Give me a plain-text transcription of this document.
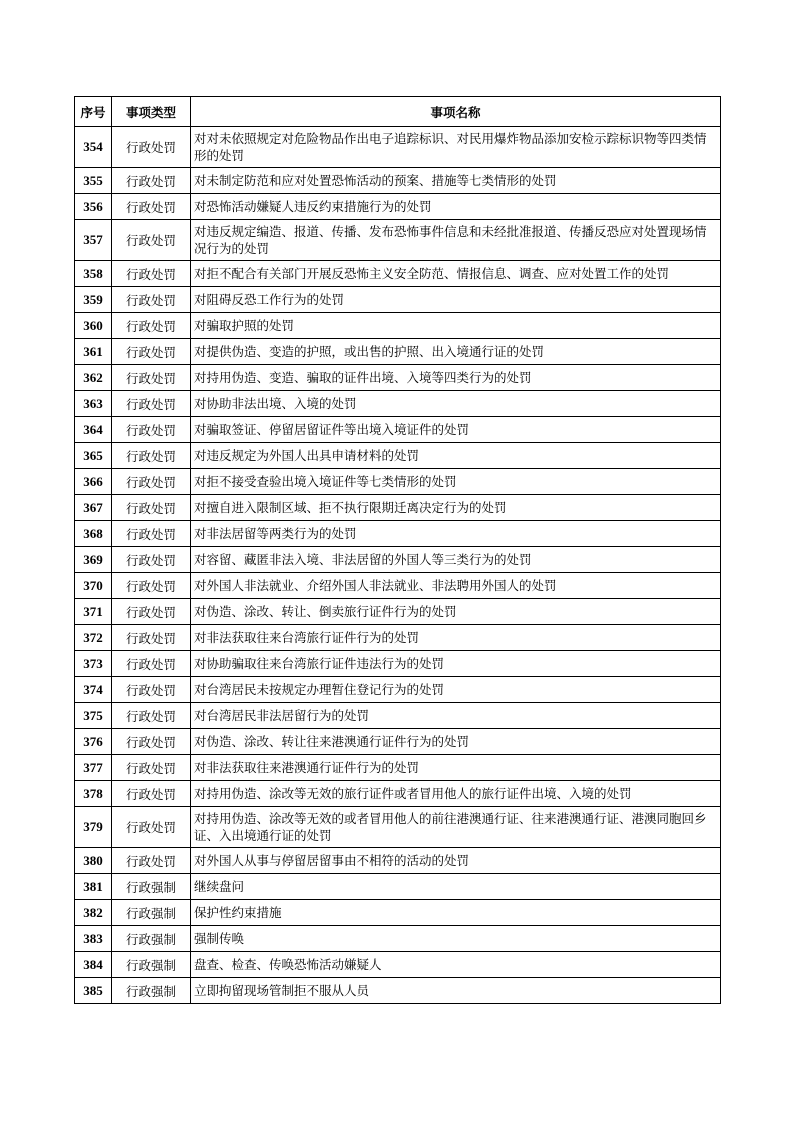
序号	事项类型	事项名称
354	行政处罚	对对未依照规定对危险物品作出电子追踪标识、对民用爆炸物品添加安检示踪标识物等四类情形的处罚
355	行政处罚	对未制定防范和应对处置恐怖活动的预案、措施等七类情形的处罚
356	行政处罚	对恐怖活动嫌疑人违反约束措施行为的处罚
357	行政处罚	对违反规定编造、报道、传播、发布恐怖事件信息和未经批准报道、传播反恐应对处置现场情况行为的处罚
358	行政处罚	对拒不配合有关部门开展反恐怖主义安全防范、情报信息、调查、应对处置工作的处罚
359	行政处罚	对阻碍反恐工作行为的处罚
360	行政处罚	对骗取护照的处罚
361	行政处罚	对提供伪造、变造的护照，或出售的护照、出入境通行证的处罚
362	行政处罚	对持用伪造、变造、骗取的证件出境、入境等四类行为的处罚
363	行政处罚	对协助非法出境、入境的处罚
364	行政处罚	对骗取签证、停留居留证件等出境入境证件的处罚
365	行政处罚	对违反规定为外国人出具申请材料的处罚
366	行政处罚	对拒不接受查验出境入境证件等七类情形的处罚
367	行政处罚	对擅自进入限制区域、拒不执行限期迁离决定行为的处罚
368	行政处罚	对非法居留等两类行为的处罚
369	行政处罚	对容留、藏匿非法入境、非法居留的外国人等三类行为的处罚
370	行政处罚	对外国人非法就业、介绍外国人非法就业、非法聘用外国人的处罚
371	行政处罚	对伪造、涂改、转让、倒卖旅行证件行为的处罚
372	行政处罚	对非法获取往来台湾旅行证件行为的处罚
373	行政处罚	对协助骗取往来台湾旅行证件违法行为的处罚
374	行政处罚	对台湾居民未按规定办理暂住登记行为的处罚
375	行政处罚	对台湾居民非法居留行为的处罚
376	行政处罚	对伪造、涂改、转让往来港澳通行证件行为的处罚
377	行政处罚	对非法获取往来港澳通行证件行为的处罚
378	行政处罚	对持用伪造、涂改等无效的旅行证件或者冒用他人的旅行证件出境、入境的处罚
379	行政处罚	对持用伪造、涂改等无效的或者冒用他人的前往港澳通行证、往来港澳通行证、港澳同胞回乡证、入出境通行证的处罚
380	行政处罚	对外国人从事与停留居留事由不相符的活动的处罚
381	行政强制	继续盘问
382	行政强制	保护性约束措施
383	行政强制	强制传唤
384	行政强制	盘查、检查、传唤恐怖活动嫌疑人
385	行政强制	立即拘留现场管制拒不服从人员
